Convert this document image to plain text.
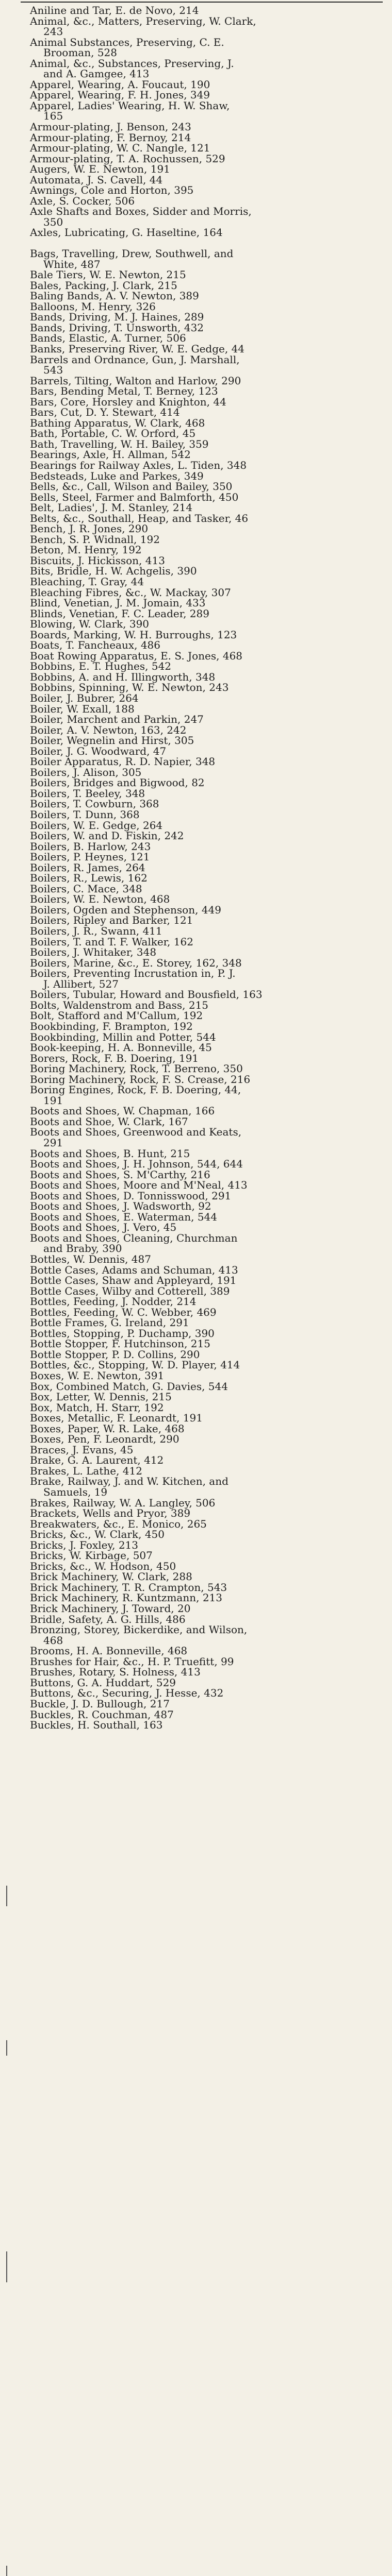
Aniline and Tar, E. de Novo, 214
Animal, &c., Matters, Preserving, W. Clark,
243
Animal Substances, Preserving, C. E.
Brooman, 528
Animal, &c., Substances, Preserving, J.
and A. Gamgee, 413
Apparel, Wearing, A. Foucaut, 190
Apparel, Wearing, F. H. Jones, 349
Apparel, Ladies' Wearing, H. W. Shaw,
165
Armour-plating, J. Benson, 243
Armour-plating, F. Bernoy, 214
Armour-plating, W. C. Nangle, 121
Armour-plating, T. A. Rochussen, 529
Augers, W. E. Newton, 191
Automata, J. S. Cavell, 44
Awnings, Cole and Horton, 395
Axle, S. Cocker, 506
Axle Shafts and Boxes, Sidder and Morris,
350
Axles, Lubricating, G. Haseltine, 164
Bags, Travelling, Drew, Southwell, and
White, 487
Bale Tiers, W. E. Newton, 215
Bales, Packing, J. Clark, 215
Baling Bands, A. V. Newton, 389
Balloons, M. Henry, 326
Bands, Driving, M. J. Haines, 289
Bands, Driving, T. Unsworth, 432
Bands, Elastic, A. Turner, 506
Banks, Preserving River, W. E. Gedge, 44
Barrels and Ordnance, Gun, J. Marshall,
543
Barrels, Tilting, Walton and Harlow, 290
Bars, Bending Metal, T. Berney, 123
Bars, Core, Horsley and Knighton, 44
Bars, Cut, D. Y. Stewart, 414
Bathing Apparatus, W. Clark, 468
Bath, Portable, C. W. Orford, 45
Bath, Travelling, W. H. Bailey, 359
Bearings, Axle, H. Allman, 542
Bearings for Railway Axles, L. Tiden, 348
Bedsteads, Luke and Parkes, 349
Bells, &c., Call, Wilson and Bailey, 350
Bells, Steel, Farmer and Balmforth, 450
Belt, Ladies', J. M. Stanley, 214
Belts, &c., Southall, Heap, and Tasker, 46
Bench, J. R. Jones, 290
Bench, S. P. Widnall, 192
Beton, M. Henry, 192
Biscuits, J. Hickisson, 413
Bits, Bridle, H. W. Achgelis, 390
Bleaching, T. Gray, 44
Bleaching Fibres, &c., W. Mackay, 307
Blind, Venetian, J. M. Jomain, 433
Blinds, Venetian, F. C. Leader, 289
Blowing, W. Clark, 390
Boards, Marking, W. H. Burroughs, 123
Boats, T. Fancheaux, 486
Boat Rowing Apparatus, E. S. Jones, 468
Bobbins, E. T. Hughes, 542
Bobbins, A. and H. Illingworth, 348
Bobbins, Spinning, W. E. Newton, 243
Boiler, J. Bubrer, 264
Boiler, W. Exall, 188
Boiler, Marchent and Parkin, 247
Boiler, A. V. Newton, 163, 242
Boiler, Wegnelin and Hirst, 305
Boiler, J. G. Woodward, 47
Boiler Apparatus, R. D. Napier, 348
Boilers, J. Alison, 305
Boilers, Bridges and Bigwood, 82
Boilers, T. Beeley, 348
Boilers, T. Cowburn, 368
Boilers, T. Dunn, 368
Boilers, W. E. Gedge, 264
Boilers, W. and D. Fiskin, 242
Boilers, B. Harlow, 243
Boilers, P. Heynes, 121
Boilers, R. James, 264
Boilers, R., Lewis, 162
Boilers, C. Mace, 348
Boilers, W. E. Newton, 468
Boilers, Ogden and Stephenson, 449
Boilers, Ripley and Barker, 121
Boilers, J. R., Swann, 411
Boilers, T. and T. F. Walker, 162
Boilers, J. Whitaker, 348
Boilers, Marine, &c., E. Storey, 162, 348
Boilers, Preventing Incrustation in, P. J.
J. Allibert, 527
Boilers, Tubular, Howard and Bousfield, 163
Bolts, Waldenstrom and Bass, 215
Bolt, Stafford and M'Callum, 192
Bookbinding, F. Brampton, 192
Bookbinding, Millin and Potter, 544
Book-keeping, H. A. Bonneville, 45
Borers, Rock, F. B. Doering, 191
Boring Machinery, Rock, T. Berreno, 350
Boring Machinery, Rock, F. S. Crease, 216
Boring Engines, Rock, F. B. Doering, 44,
191
Boots and Shoes, W. Chapman, 166
Boots and Shoe, W. Clark, 167
Boots and Shoes, Greenwood and Keats,
291
Boots and Shoes, B. Hunt, 215
Boots and Shoes, J. H. Johnson, 544, 644
Boots and Shoes, S. M'Carthy, 216
Boots and Shoes, Moore and M'Neal, 413
Boots and Shoes, D. Tonnisswood, 291
Boots and Shoes, J. Wadsworth, 92
Boots and Shoes, E. Waterman, 544
Boots and Shoes, J. Vero, 45
Boots and Shoes, Cleaning, Churchman
and Braby, 390
Bottles, W. Dennis, 487
Bottle Cases, Adams and Schuman, 413
Bottle Cases, Shaw and Appleyard, 191
Bottle Cases, Wilby and Cotterell, 389
Bottles, Feeding, J. Nodder, 214
Bottles, Feeding, W. C. Webber, 469
Bottle Frames, G. Ireland, 291
Bottles, Stopping, P. Duchamp, 390
Bottle Stopper, F. Hutchinson, 215
Bottle Stopper, P. D. Collins, 290
Bottles, &c., Stopping, W. D. Player, 414
Boxes, W. E. Newton, 391
Box, Combined Match, G. Davies, 544
Box, Letter, W. Dennis, 215
Box, Match, H. Starr, 192
Boxes, Metallic, F. Leonardt, 191
Boxes, Paper, W. R. Lake, 468
Boxes, Pen, F. Leonardt, 290
Braces, J. Evans, 45
Brake, G. A. Laurent, 412
Brakes, L. Lathe, 412
Brake, Railway, J. and W. Kitchen, and
Samuels, 19
Brakes, Railway, W. A. Langley, 506
Brackets, Wells and Pryor, 389
Breakwaters, &c., E. Monico, 265
Bricks, &c., W. Clark, 450
Bricks, J. Foxley, 213
Bricks, W. Kirbage, 507
Bricks, &c., W. Hodson, 450
Brick Machinery, W. Clark, 288
Brick Machinery, T. R. Crampton, 543
Brick Machinery, R. Kuntzmann, 213
Brick Machinery, J. Toward, 20
Bridle, Safety, A. G. Hills, 486
Bronzing, Storey, Bickerdike, and Wilson,
468
Brooms, H. A. Bonneville, 468
Brushes for Hair, &c., H. P. Truefitt, 99
Brushes, Rotary, S. Holness, 413
Buttons, G. A. Huddart, 529
Buttons, &c., Securing, J. Hesse, 432
Buckle, J. D. Bullough, 217
Buckles, R. Couchman, 487
Buckles, H. Southall, 163
